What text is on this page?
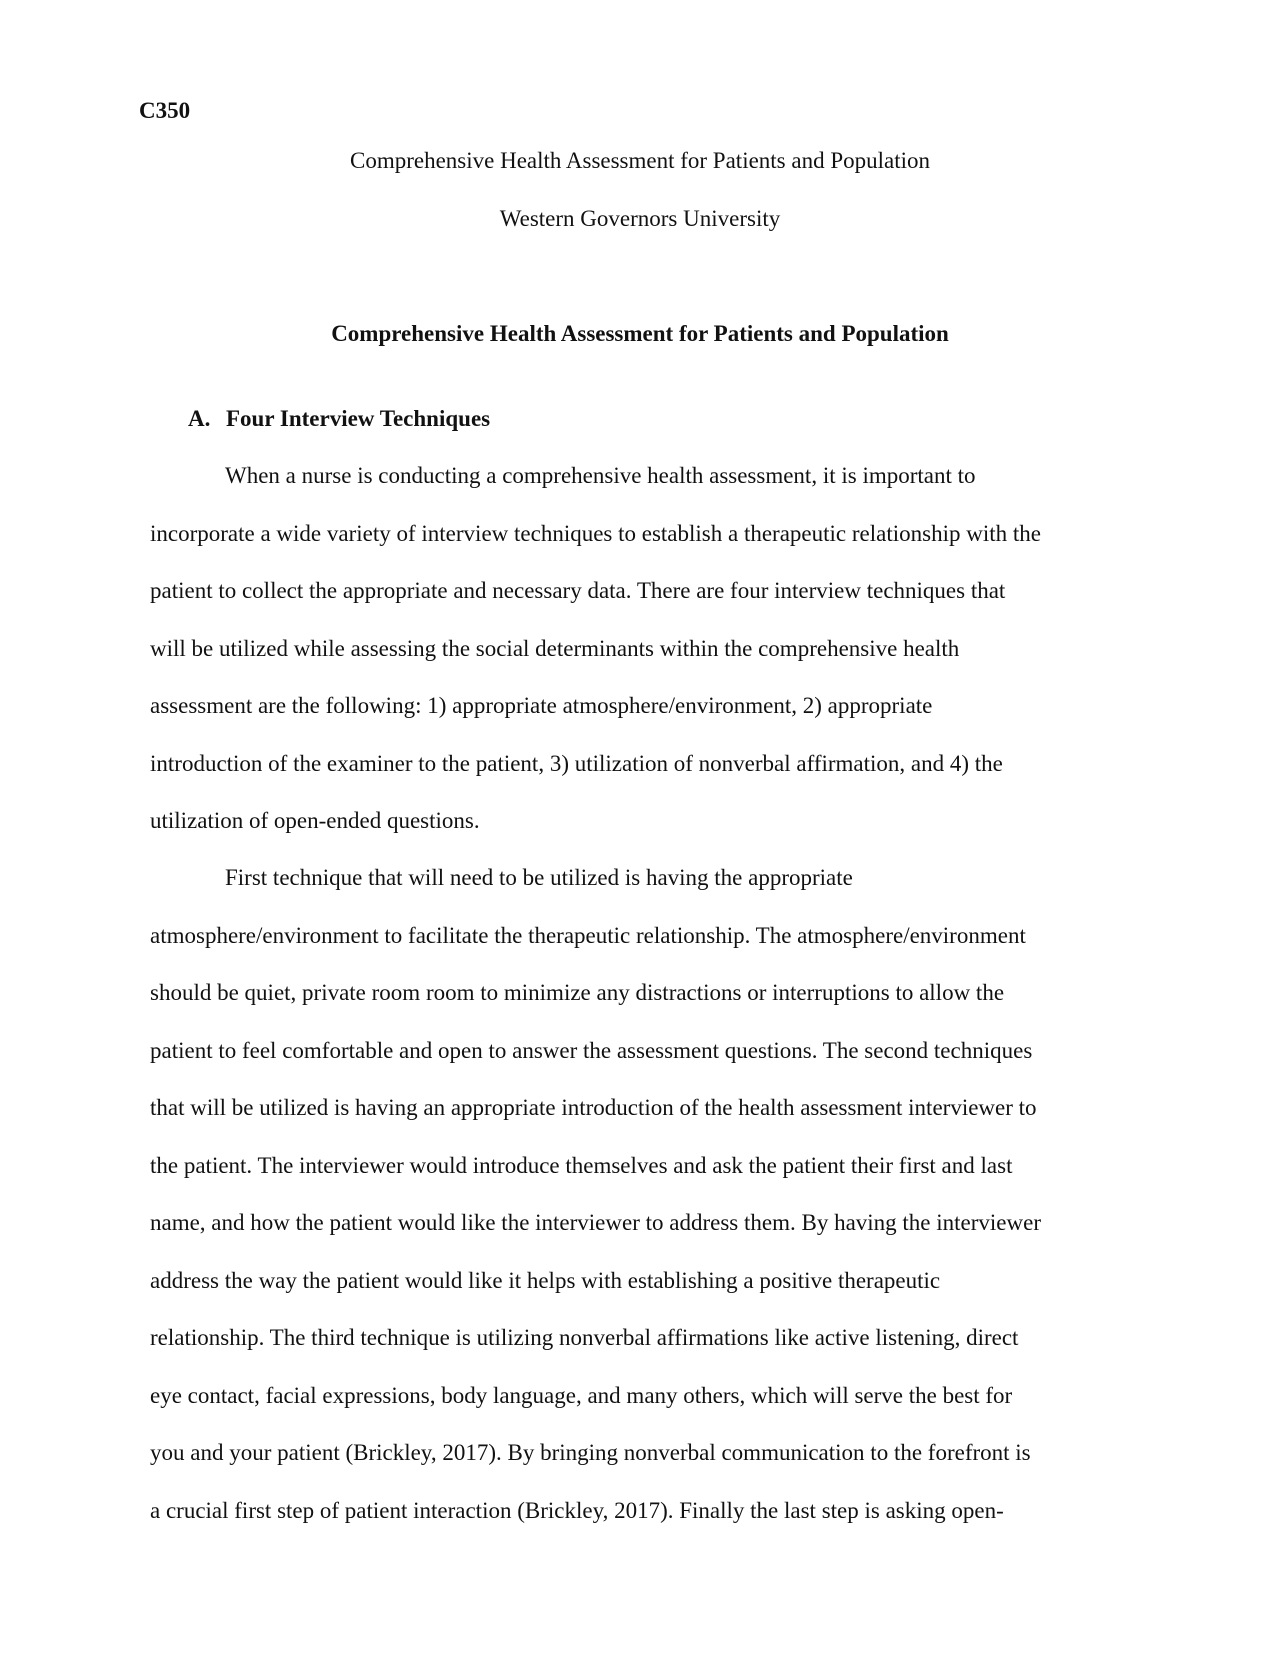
C350
Comprehensive Health Assessment for Patients and Population
Western Governors University
Comprehensive Health Assessment for Patients and Population
A. Four Interview Techniques
When a nurse is conducting a comprehensive health assessment, it is important to
incorporate a wide variety of interview techniques to establish a therapeutic relationship with the
patient to collect the appropriate and necessary data. There are four interview techniques that
will be utilized while assessing the social determinants within the comprehensive health
assessment are the following: 1) appropriate atmosphere/environment, 2) appropriate
introduction of the examiner to the patient, 3) utilization of nonverbal affirmation, and 4) the
utilization of open-ended questions.
First technique that will need to be utilized is having the appropriate
atmosphere/environment to facilitate the therapeutic relationship. The atmosphere/environment
should be quiet, private room room to minimize any distractions or interruptions to allow the
patient to feel comfortable and open to answer the assessment questions. The second techniques
that will be utilized is having an appropriate introduction of the health assessment interviewer to
the patient. The interviewer would introduce themselves and ask the patient their first and last
name, and how the patient would like the interviewer to address them. By having the interviewer
address the way the patient would like it helps with establishing a positive therapeutic
relationship. The third technique is utilizing nonverbal affirmations like active listening, direct
eye contact, facial expressions, body language, and many others, which will serve the best for
you and your patient (Brickley, 2017). By bringing nonverbal communication to the forefront is
a crucial first step of patient interaction (Brickley, 2017). Finally the last step is asking open-
